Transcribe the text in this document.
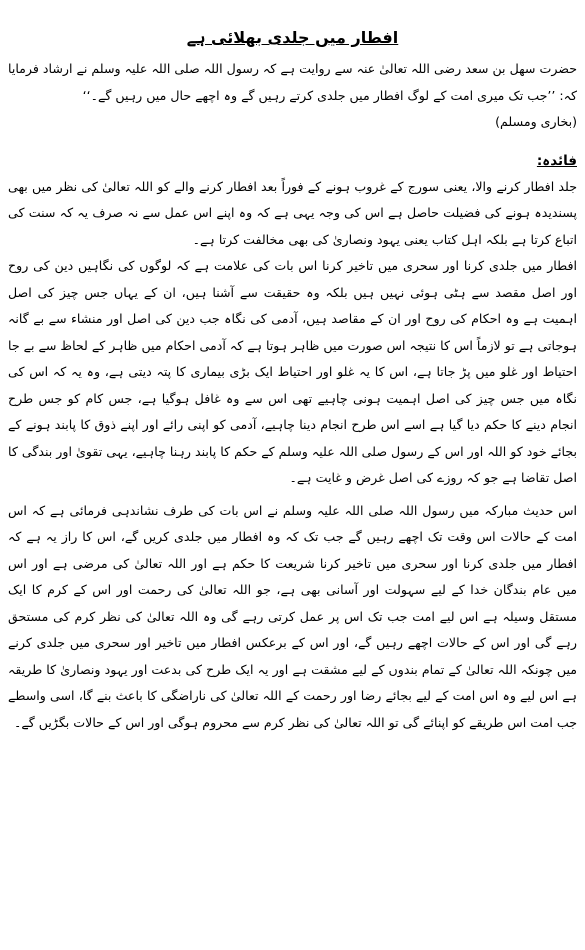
افطار میں جلدی بھلائی ہے

حضرت سھل بن سعد رضی اللہ تعالیٰ عنہ سے روایت ہے کہ رسول اللہ صلی اللہ علیہ وسلم نے ارشاد فرمایا کہ: ’’جب تک میری امت کے لوگ افطار میں جلدی کرتے رہیں گے وہ اچھے حال میں رہیں گے۔‘‘

(بخاری ومسلم)

فائدہ:

جلد افطار کرنے والا، یعنی سورج کے غروب ہونے کے فوراً بعد افطار کرنے والے کو اللہ تعالیٰ کی نظر میں بھی پسندیدہ ہونے کی فضیلت حاصل ہے اس کی وجہ یہی ہے کہ وہ اپنے اس عمل سے نہ صرف یہ کہ سنت کی اتباع کرتا ہے بلکہ اہل کتاب یعنی یہود ونصاریٰ کی بھی مخالفت کرتا ہے۔

افطار میں جلدی کرنا اور سحری میں تاخیر کرنا اس بات کی علامت ہے کہ لوگوں کی نگاہیں دین کی روح اور اصل مقصد سے ہٹی ہوئی نہیں ہیں بلکہ وہ حقیقت سے آشنا ہیں، ان کے یہاں جس چیز کی اصل اہمیت ہے وہ احکام کی روح اور ان کے مقاصد ہیں، آدمی کی نگاہ جب دین کی اصل اور منشاء سے بے گانہ ہوجاتی ہے تو لازماً اس کا نتیجہ اس صورت میں ظاہر ہوتا ہے کہ آدمی احکام میں ظاہر کے لحاظ سے بے جا احتیاط اور غلو میں پڑ جاتا ہے، اس کا یہ غلو اور احتیاط ایک بڑی بیماری کا پتہ دیتی ہے، وہ یہ کہ اس کی نگاہ میں جس چیز کی اصل اہمیت ہونی چاہیے تھی اس سے وہ غافل ہوگیا ہے، جس کام کو جس طرح انجام دینے کا حکم دیا گیا ہے اسے اس طرح انجام دینا چاہیے، آدمی کو اپنی رائے اور اپنے ذوق کا پابند ہونے کے بجائے خود کو اللہ اور اس کے رسول صلی اللہ علیہ وسلم کے حکم کا پابند رہنا چاہیے، یہی تقویٰ اور بندگی کا اصل تقاضا ہے جو کہ روزے کی اصل غرض و غایت ہے۔

اس حدیث مبارکہ میں رسول اللہ صلی اللہ علیہ وسلم نے اس بات کی طرف نشاندہی فرمائی ہے کہ اس امت کے حالات اس وقت تک اچھے رہیں گے جب تک کہ وہ افطار میں جلدی کریں گے، اس کا راز یہ ہے کہ افطار میں جلدی کرنا اور سحری میں تاخیر کرنا شریعت کا حکم ہے اور اللہ تعالیٰ کی مرضی ہے اور اس میں عام بندگان خدا کے لیے سہولت اور آسانی بھی ہے، جو اللہ تعالیٰ کی رحمت اور اس کے کرم کا ایک مستقل وسیلہ ہے اس لیے امت جب تک اس پر عمل کرتی رہے گی وہ اللہ تعالیٰ کی نظر کرم کی مستحق رہے گی اور اس کے حالات اچھے رہیں گے، اور اس کے برعکس افطار میں تاخیر اور سحری میں جلدی کرنے میں چونکہ اللہ تعالیٰ کے تمام بندوں کے لیے مشقت ہے اور یہ ایک طرح کی بدعت اور یہود ونصاریٰ کا طریقہ ہے اس لیے وہ اس امت کے لیے بجائے رضا اور رحمت کے اللہ تعالیٰ کی ناراضگی کا باعث بنے گا، اسی واسطے جب امت اس طریقے کو اپنائے گی تو اللہ تعالیٰ کی نظر کرم سے محروم ہوگی اور اس کے حالات بگڑیں گے۔
